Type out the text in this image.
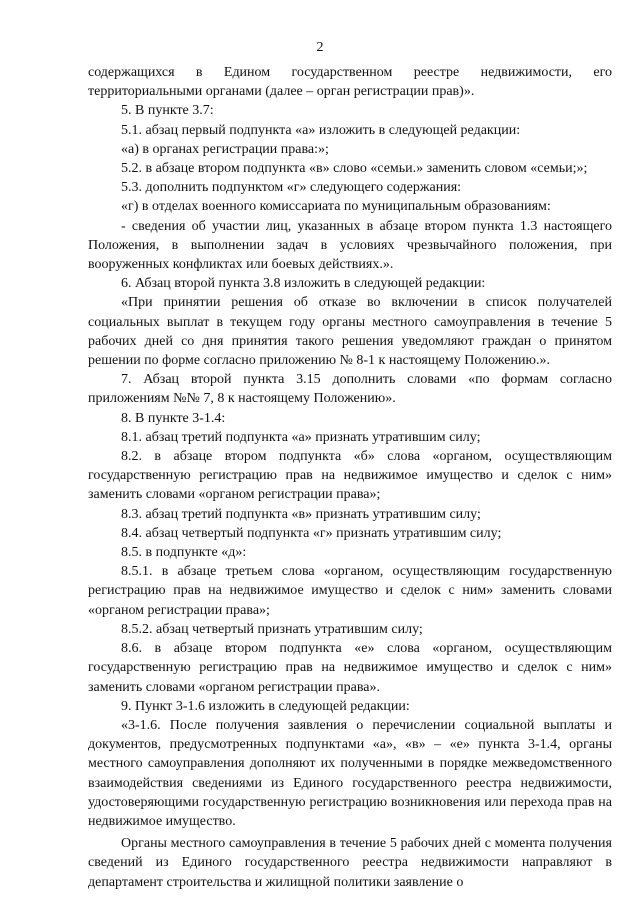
2

содержащихся в Едином государственном реестре недвижимости, его территориальными органами (далее – орган регистрации прав)».

5. В пункте 3.7:

5.1. абзац первый подпункта «а» изложить в следующей редакции:

«а) в органах регистрации права:»;

5.2. в абзаце втором подпункта «в» слово «семьи.» заменить словом «семьи;»;

5.3. дополнить подпунктом «г» следующего содержания:

«г) в отделах военного комиссариата по муниципальным образованиям:

- сведения об участии лиц, указанных в абзаце втором пункта 1.3 настоящего Положения, в выполнении задач в условиях чрезвычайного положения, при вооруженных конфликтах или боевых действиях.».

6. Абзац второй пункта 3.8 изложить в следующей редакции:

«При принятии решения об отказе во включении в список получателей социальных выплат в текущем году органы местного самоуправления в течение 5 рабочих дней со дня принятия такого решения уведомляют граждан о принятом решении по форме согласно приложению № 8-1 к настоящему Положению.».

7. Абзац второй пункта 3.15 дополнить словами «по формам согласно приложениям №№ 7, 8 к настоящему Положению».

8. В пункте 3-1.4:

8.1. абзац третий подпункта «а» признать утратившим силу;

8.2. в абзаце втором подпункта «б» слова «органом, осуществляющим государственную регистрацию прав на недвижимое имущество и сделок с ним» заменить словами «органом регистрации права»;

8.3. абзац третий подпункта «в» признать утратившим силу;

8.4. абзац четвертый подпункта «г» признать утратившим силу;

8.5. в подпункте «д»:

8.5.1. в абзаце третьем слова «органом, осуществляющим государственную регистрацию прав на недвижимое имущество и сделок с ним» заменить словами «органом регистрации права»;

8.5.2. абзац четвертый признать утратившим силу;

8.6. в абзаце втором подпункта «е» слова «органом, осуществляющим государственную регистрацию прав на недвижимое имущество и сделок с ним» заменить словами «органом регистрации права».

9. Пункт 3-1.6 изложить в следующей редакции:

«3-1.6. После получения заявления о перечислении социальной выплаты и документов, предусмотренных подпунктами «а», «в» – «е» пункта 3-1.4, органы местного самоуправления дополняют их полученными в порядке межведомственного взаимодействия сведениями из Единого государственного реестра недвижимости, удостоверяющими государственную регистрацию возникновения или перехода прав на недвижимое имущество.

Органы местного самоуправления в течение 5 рабочих дней с момента получения сведений из Единого государственного реестра недвижимости направляют в департамент строительства и жилищной политики заявление о
